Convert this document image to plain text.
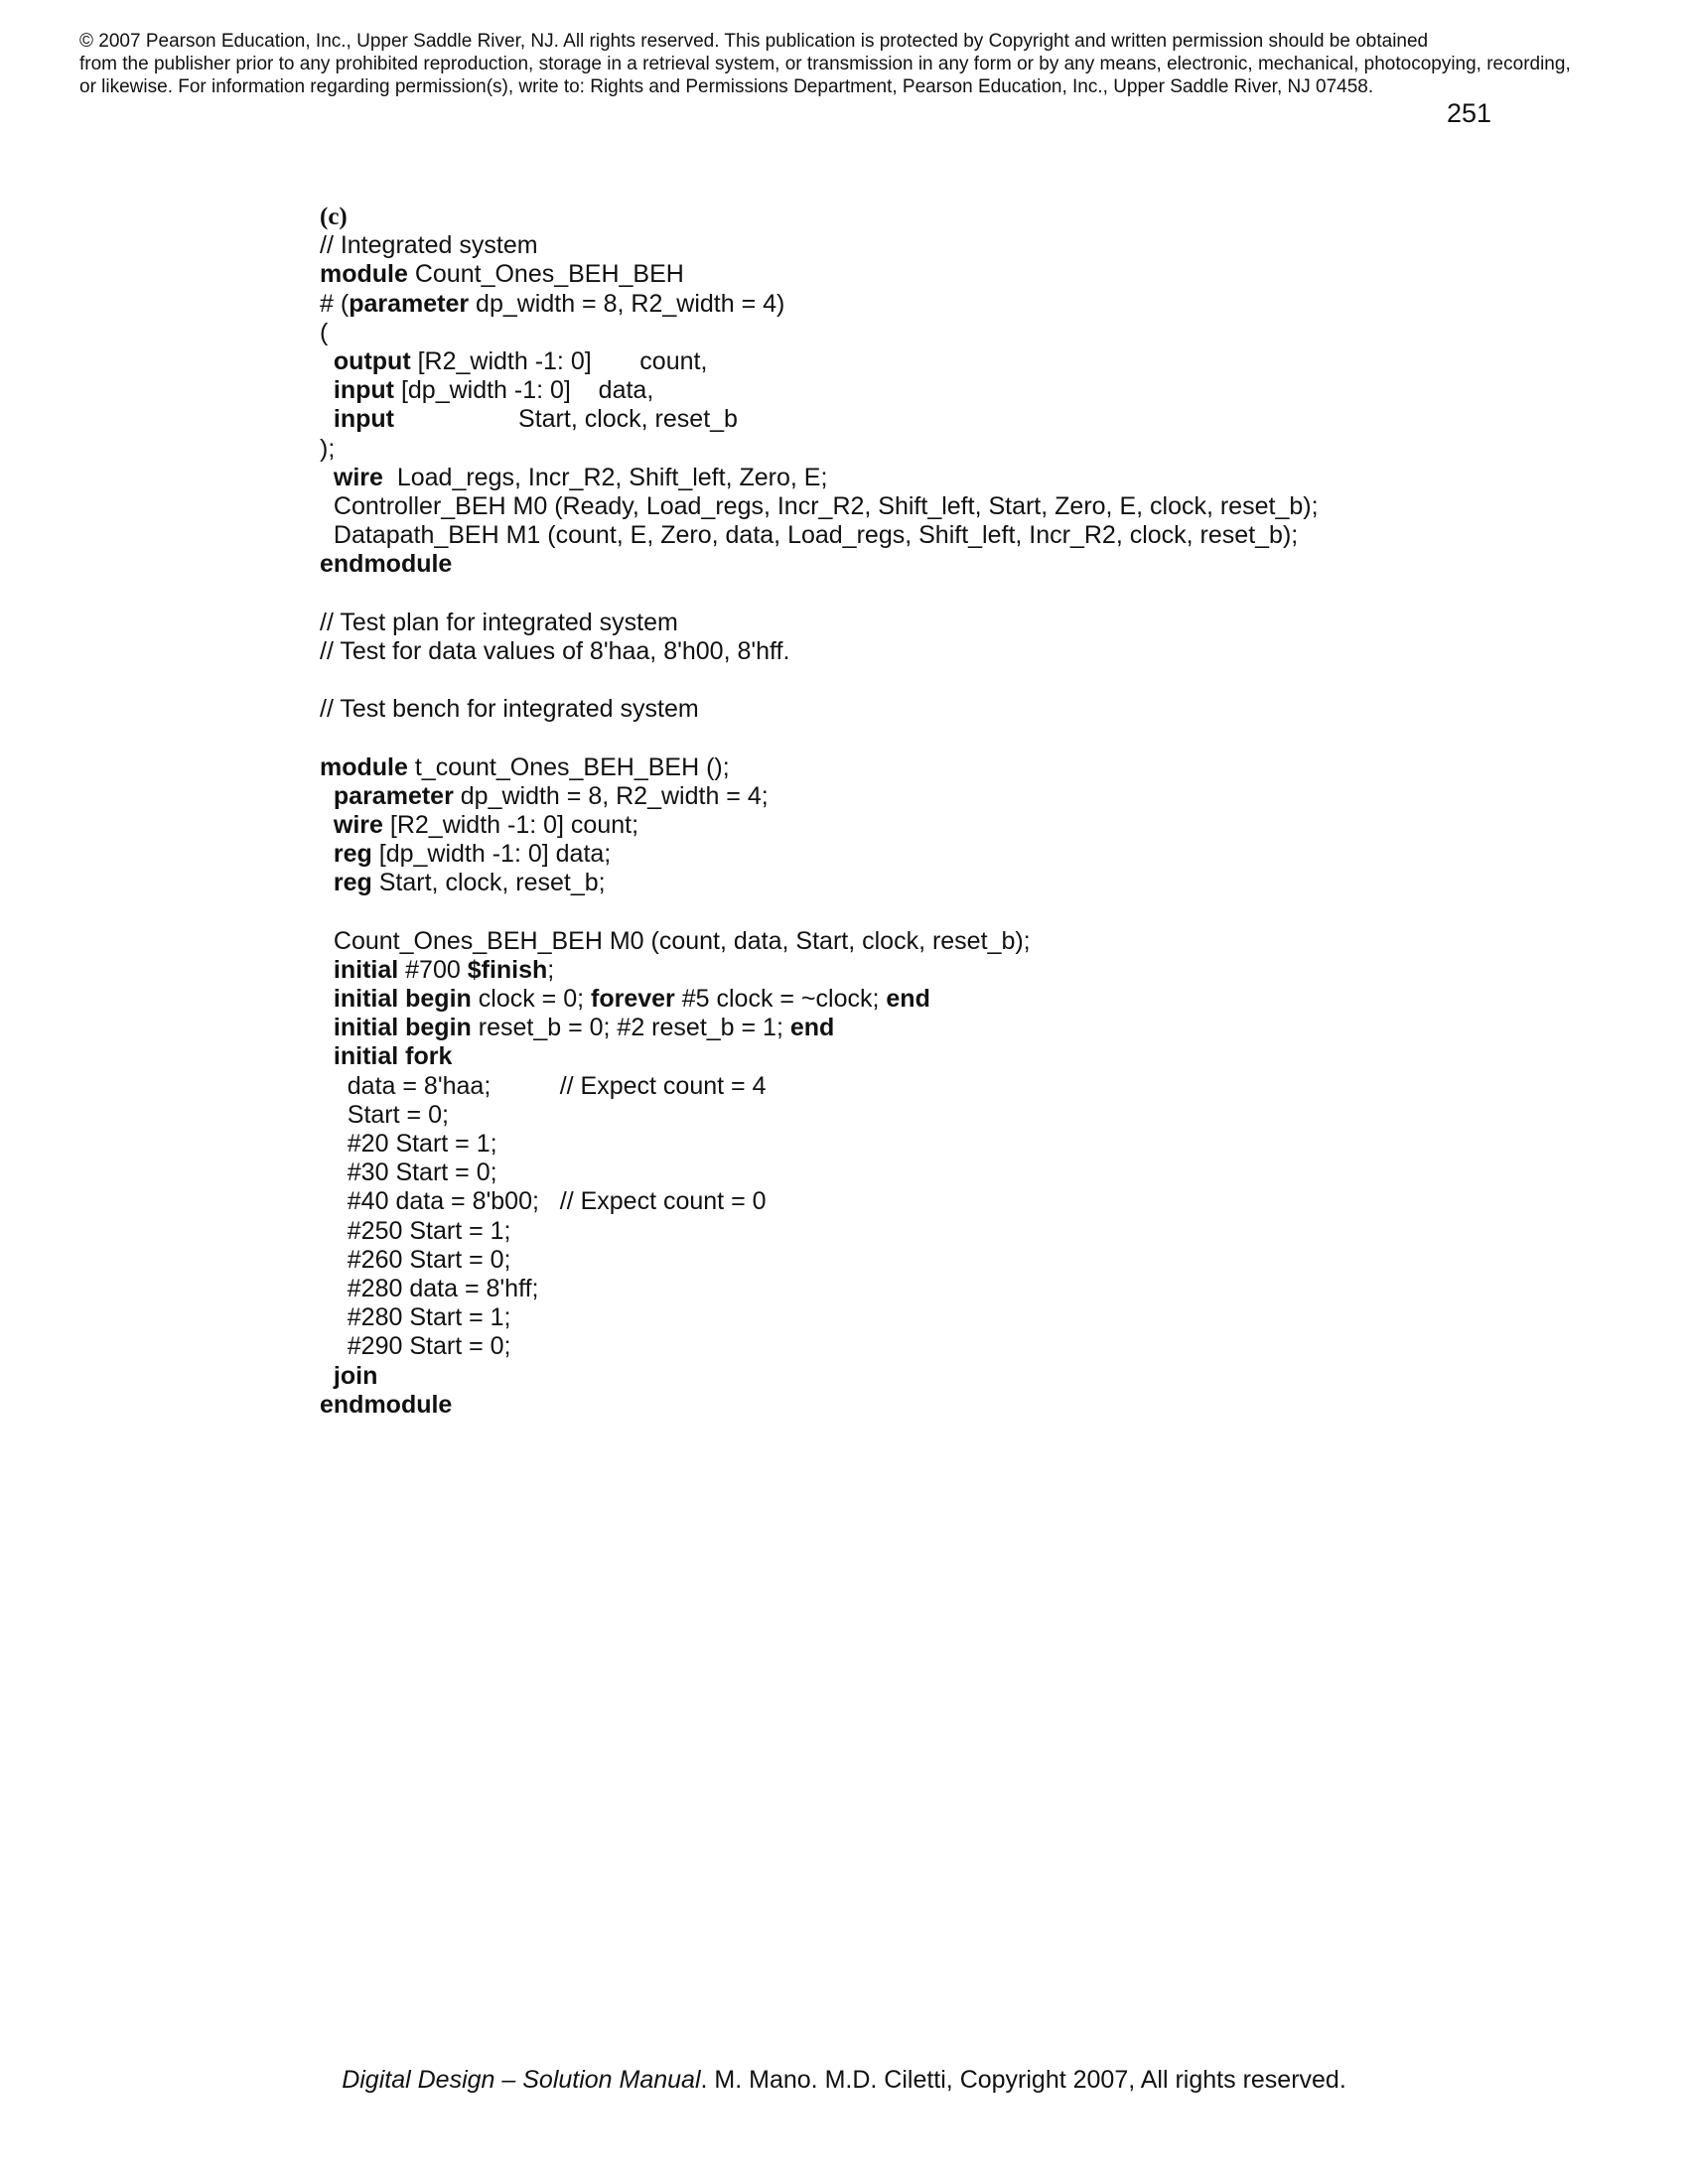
© 2007 Pearson Education, Inc., Upper Saddle River, NJ. All rights reserved. This publication is protected by Copyright and written permission should be obtained
from the publisher prior to any prohibited reproduction, storage in a retrieval system, or transmission in any form or by any means, electronic, mechanical, photocopying, recording,
or likewise. For information regarding permission(s), write to: Rights and Permissions Department, Pearson Education, Inc., Upper Saddle River, NJ 07458.
251
(c)
// Integrated system
module Count_Ones_BEH_BEH
# (parameter dp_width = 8, R2_width = 4)
(
output [R2_width -1: 0]       count,
input [dp_width -1: 0]    data,
input                  Start, clock, reset_b
);
wire  Load_regs, Incr_R2, Shift_left, Zero, E;
Controller_BEH M0 (Ready, Load_regs, Incr_R2, Shift_left, Start, Zero, E, clock, reset_b);
Datapath_BEH M1 (count, E, Zero, data, Load_regs, Shift_left, Incr_R2, clock, reset_b);
endmodule
// Test plan for integrated system
// Test for data values of 8'haa, 8'h00, 8'hff.
// Test bench for integrated system
module t_count_Ones_BEH_BEH ();
parameter dp_width = 8, R2_width = 4;
wire [R2_width -1: 0] count;
reg [dp_width -1: 0] data;
reg Start, clock, reset_b;
Count_Ones_BEH_BEH M0 (count, data, Start, clock, reset_b);
initial #700 $finish;
initial begin clock = 0; forever #5 clock = ~clock; end
initial begin reset_b = 0; #2 reset_b = 1; end
initial fork
data = 8'haa;          // Expect count = 4
Start = 0;
#20 Start = 1;
#30 Start = 0;
#40 data = 8'b00;   // Expect count = 0
#250 Start = 1;
#260 Start = 0;
#280 data = 8'hff;
#280 Start = 1;
#290 Start = 0;
join
endmodule
Digital Design – Solution Manual. M. Mano. M.D. Ciletti, Copyright 2007, All rights reserved.
